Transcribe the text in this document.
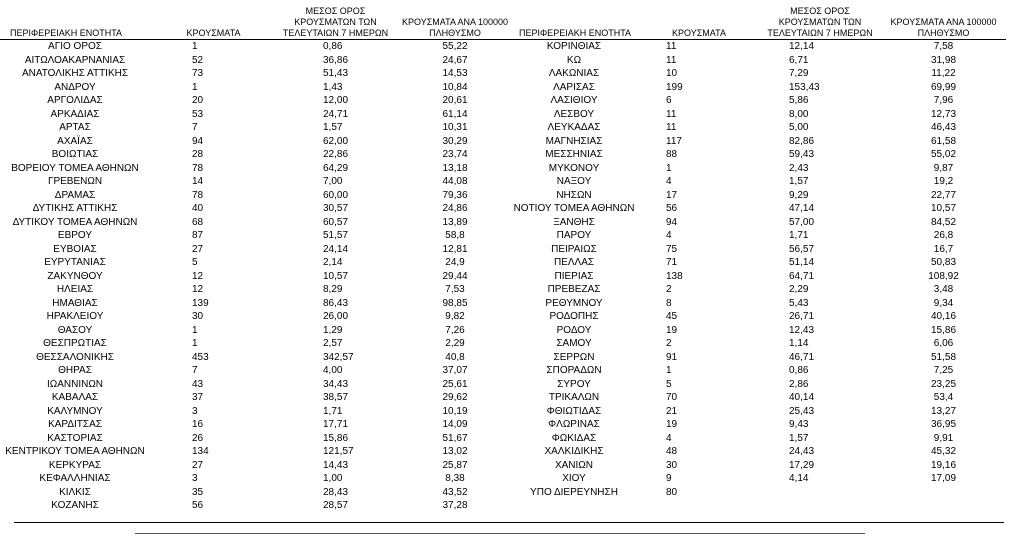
ΠΕΡΙΦΕΡΕΙΑΚΗ ΕΝΟΤΗΤΑ	ΚΡΟΥΣΜΑΤΑ	ΜΕΣΟΣ ΟΡΟΣ ΚΡΟΥΣΜΑΤΩΝ ΤΩΝ ΤΕΛΕΥΤΑΙΩΝ 7 ΗΜΕΡΩΝ	ΚΡΟΥΣΜΑΤΑ ΑΝΑ 100000 ΠΛΗΘΥΣΜΟ

ΑΓΙΟ ΟΡΟΣ	1	0,86	55,22
ΑΙΤΩΛΟΑΚΑΡΝΑΝΙΑΣ	52	36,86	24,67
ΑΝΑΤΟΛΙΚΗΣ ΑΤΤΙΚΗΣ	73	51,43	14,53
ΑΝΔΡΟΥ	1	1,43	10,84
ΑΡΓΟΛΙΔΑΣ	20	12,00	20,61
ΑΡΚΑΔΙΑΣ	53	24,71	61,14
ΑΡΤΑΣ	7	1,57	10,31
ΑΧΑΪΑΣ	94	62,00	30,29
ΒΟΙΩΤΙΑΣ	28	22,86	23,74
ΒΟΡΕΙΟΥ ΤΟΜΕΑ ΑΘΗΝΩΝ	78	64,29	13,18
ΓΡΕΒΕΝΩΝ	14	7,00	44,08
ΔΡΑΜΑΣ	78	60,00	79,36
ΔΥΤΙΚΗΣ ΑΤΤΙΚΗΣ	40	30,57	24,86
ΔΥΤΙΚΟΥ ΤΟΜΕΑ ΑΘΗΝΩΝ	68	60,57	13,89
ΕΒΡΟΥ	87	51,57	58,8
ΕΥΒΟΙΑΣ	27	24,14	12,81
ΕΥΡΥΤΑΝΙΑΣ	5	2,14	24,9
ΖΑΚΥΝΘΟΥ	12	10,57	29,44
ΗΛΕΙΑΣ	12	8,29	7,53
ΗΜΑΘΙΑΣ	139	86,43	98,85
ΗΡΑΚΛΕΙΟΥ	30	26,00	9,82
ΘΑΣΟΥ	1	1,29	7,26
ΘΕΣΠΡΩΤΙΑΣ	1	2,57	2,29
ΘΕΣΣΑΛΟΝΙΚΗΣ	453	342,57	40,8
ΘΗΡΑΣ	7	4,00	37,07
ΙΩΑΝΝΙΝΩΝ	43	34,43	25,61
ΚΑΒΑΛΑΣ	37	38,57	29,62
ΚΑΛΥΜΝΟΥ	3	1,71	10,19
ΚΑΡΔΙΤΣΑΣ	16	17,71	14,09
ΚΑΣΤΟΡΙΑΣ	26	15,86	51,67
ΚΕΝΤΡΙΚΟΥ ΤΟΜΕΑ ΑΘΗΝΩΝ	134	121,57	13,02
ΚΕΡΚΥΡΑΣ	27	14,43	25,87
ΚΕΦΑΛΛΗΝΙΑΣ	3	1,00	8,38
ΚΙΛΚΙΣ	35	28,43	43,52
ΚΟΖΑΝΗΣ	56	28,57	37,28
ΠΕΡΙΦΕΡΕΙΑΚΗ ΕΝΟΤΗΤΑ	ΚΡΟΥΣΜΑΤΑ	ΜΕΣΟΣ ΟΡΟΣ ΚΡΟΥΣΜΑΤΩΝ ΤΩΝ ΤΕΛΕΥΤΑΙΩΝ 7 ΗΜΕΡΩΝ	ΚΡΟΥΣΜΑΤΑ ΑΝΑ 100000 ΠΛΗΘΥΣΜΟ

ΚΟΡΙΝΘΙΑΣ	11	12,14	7,58
ΚΩ	11	6,71	31,98
ΛΑΚΩΝΙΑΣ	10	7,29	11,22
ΛΑΡΙΣΑΣ	199	153,43	69,99
ΛΑΣΙΘΙΟΥ	6	5,86	7,96
ΛΕΣΒΟΥ	11	8,00	12,73
ΛΕΥΚΑΔΑΣ	11	5,00	46,43
ΜΑΓΝΗΣΙΑΣ	117	82,86	61,58
ΜΕΣΣΗΝΙΑΣ	88	59,43	55,02
ΜΥΚΟΝΟΥ	1	2,43	9,87
ΝΑΞΟΥ	4	1,57	19,2
ΝΗΣΩΝ	17	9,29	22,77
ΝΟΤΙΟΥ ΤΟΜΕΑ ΑΘΗΝΩΝ	56	47,14	10,57
ΞΑΝΘΗΣ	94	57,00	84,52
ΠΑΡΟΥ	4	1,71	26,8
ΠΕΙΡΑΙΩΣ	75	56,57	16,7
ΠΕΛΛΑΣ	71	51,14	50,83
ΠΙΕΡΙΑΣ	138	64,71	108,92
ΠΡΕΒΕΖΑΣ	2	2,29	3,48
ΡΕΘΥΜΝΟΥ	8	5,43	9,34
ΡΟΔΟΠΗΣ	45	26,71	40,16
ΡΟΔΟΥ	19	12,43	15,86
ΣΑΜΟΥ	2	1,14	6,06
ΣΕΡΡΩΝ	91	46,71	51,58
ΣΠΟΡΑΔΩΝ	1	0,86	7,25
ΣΥΡΟΥ	5	2,86	23,25
ΤΡΙΚΑΛΩΝ	70	40,14	53,4
ΦΘΙΩΤΙΔΑΣ	21	25,43	13,27
ΦΛΩΡΙΝΑΣ	19	9,43	36,95
ΦΩΚΙΔΑΣ	4	1,57	9,91
ΧΑΛΚΙΔΙΚΗΣ	48	24,43	45,32
ΧΑΝΙΩΝ	30	17,29	19,16
ΧΙΟΥ	9	4,14	17,09
ΥΠΟ ΔΙΕΡΕΥΝΗΣΗ	80		
